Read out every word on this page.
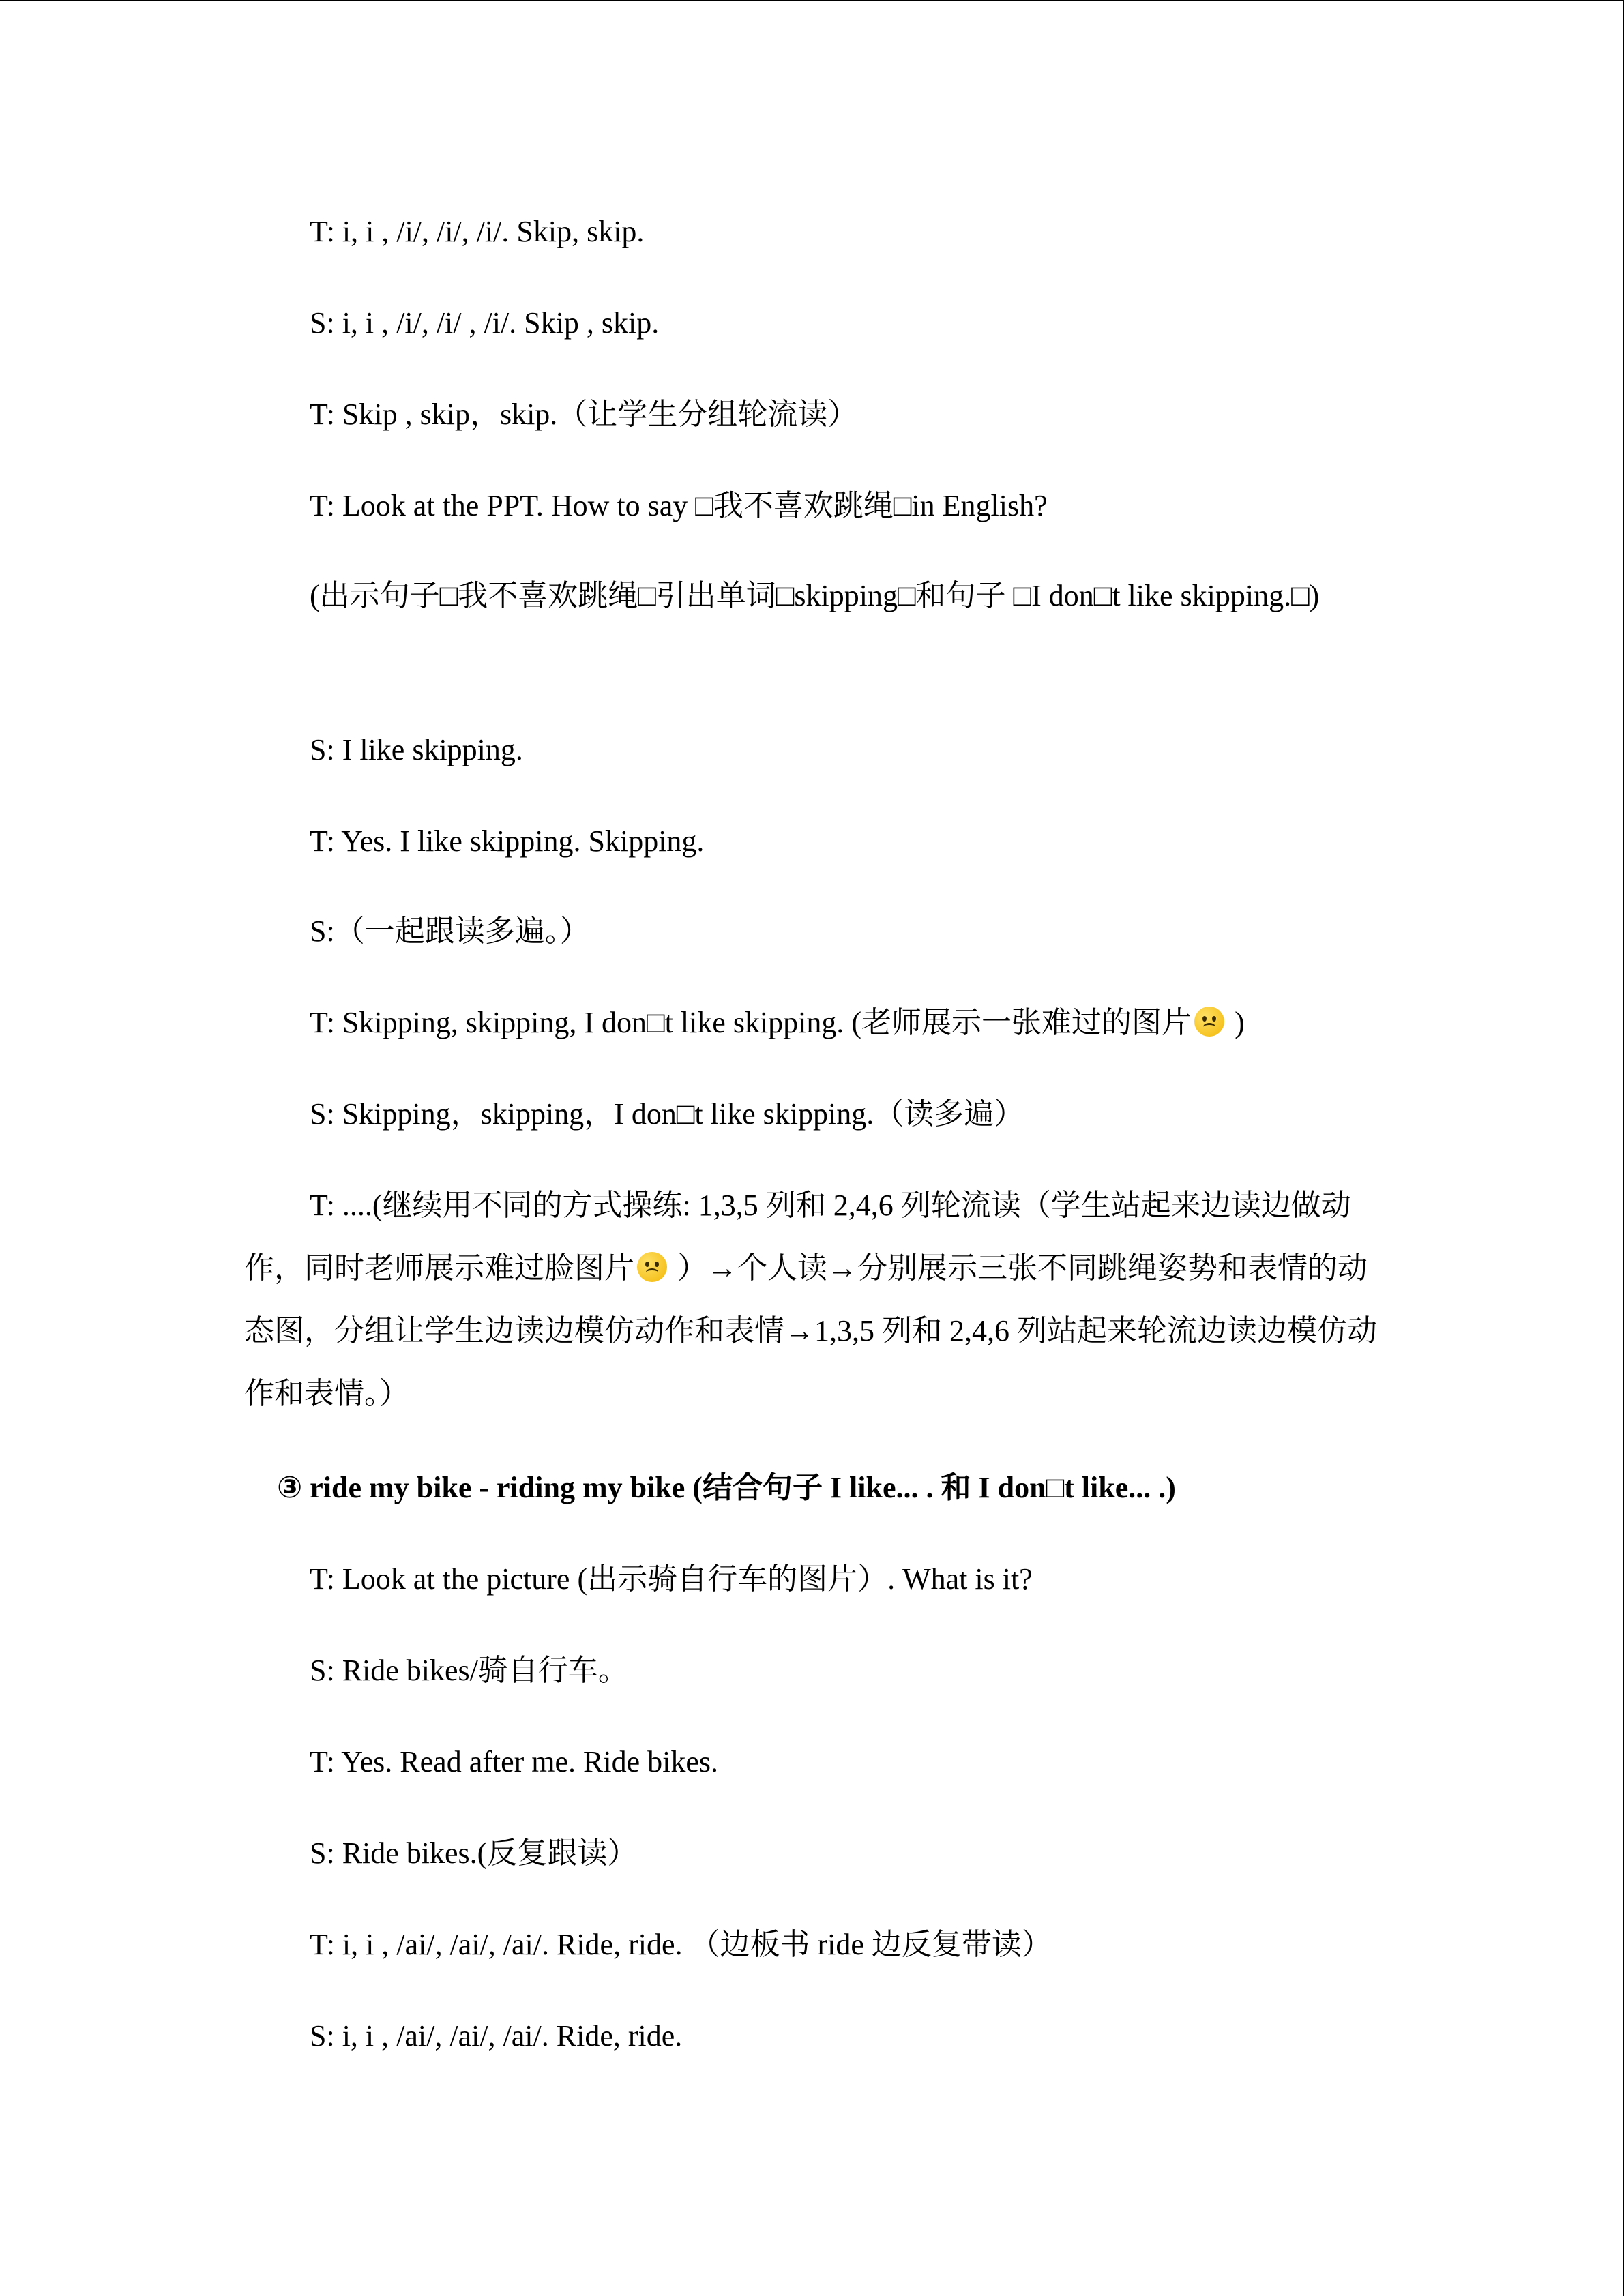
T: i, i , /i/, /i/, /i/. Skip, skip.

S: i, i , /i/, /i/ , /i/. Skip , skip.

T: Skip , skip，skip.（让学生分组轮流读）

T: Look at the PPT. How to say □我不喜欢跳绳□in English?

(出示句子□我不喜欢跳绳□引出单词□skipping□和句子 □I don□t like skipping.□)

S: I like skipping.

T: Yes. I like skipping. Skipping.

S:（一起跟读多遍。）

T: Skipping, skipping, I don□t like skipping. (老师展示一张难过的图片
)

S: Skipping，skipping，I don□t like skipping.（读多遍）

T: ....(继续用不同的方式操练: 1,3,5 列和 2,4,6 列轮流读（学生站起来边读边做动作，同时老师展示难过脸图片
）→个人读→分别展示三张不同跳绳姿势和表情的动态图，分组让学生边读边模仿动作和表情→1,3,5 列和 2,4,6 列站起来轮流边读边模仿动作和表情。）

③ ride my bike - riding my bike (结合句子 I like... . 和 I don□t like... .)

T: Look at the picture (出示骑自行车的图片）. What is it?

S: Ride bikes/骑自行车。

T: Yes. Read after me. Ride bikes.

S: Ride bikes.(反复跟读）

T: i, i , /ai/, /ai/, /ai/. Ride, ride. （边板书 ride 边反复带读）

S: i, i , /ai/, /ai/, /ai/. Ride, ride.
